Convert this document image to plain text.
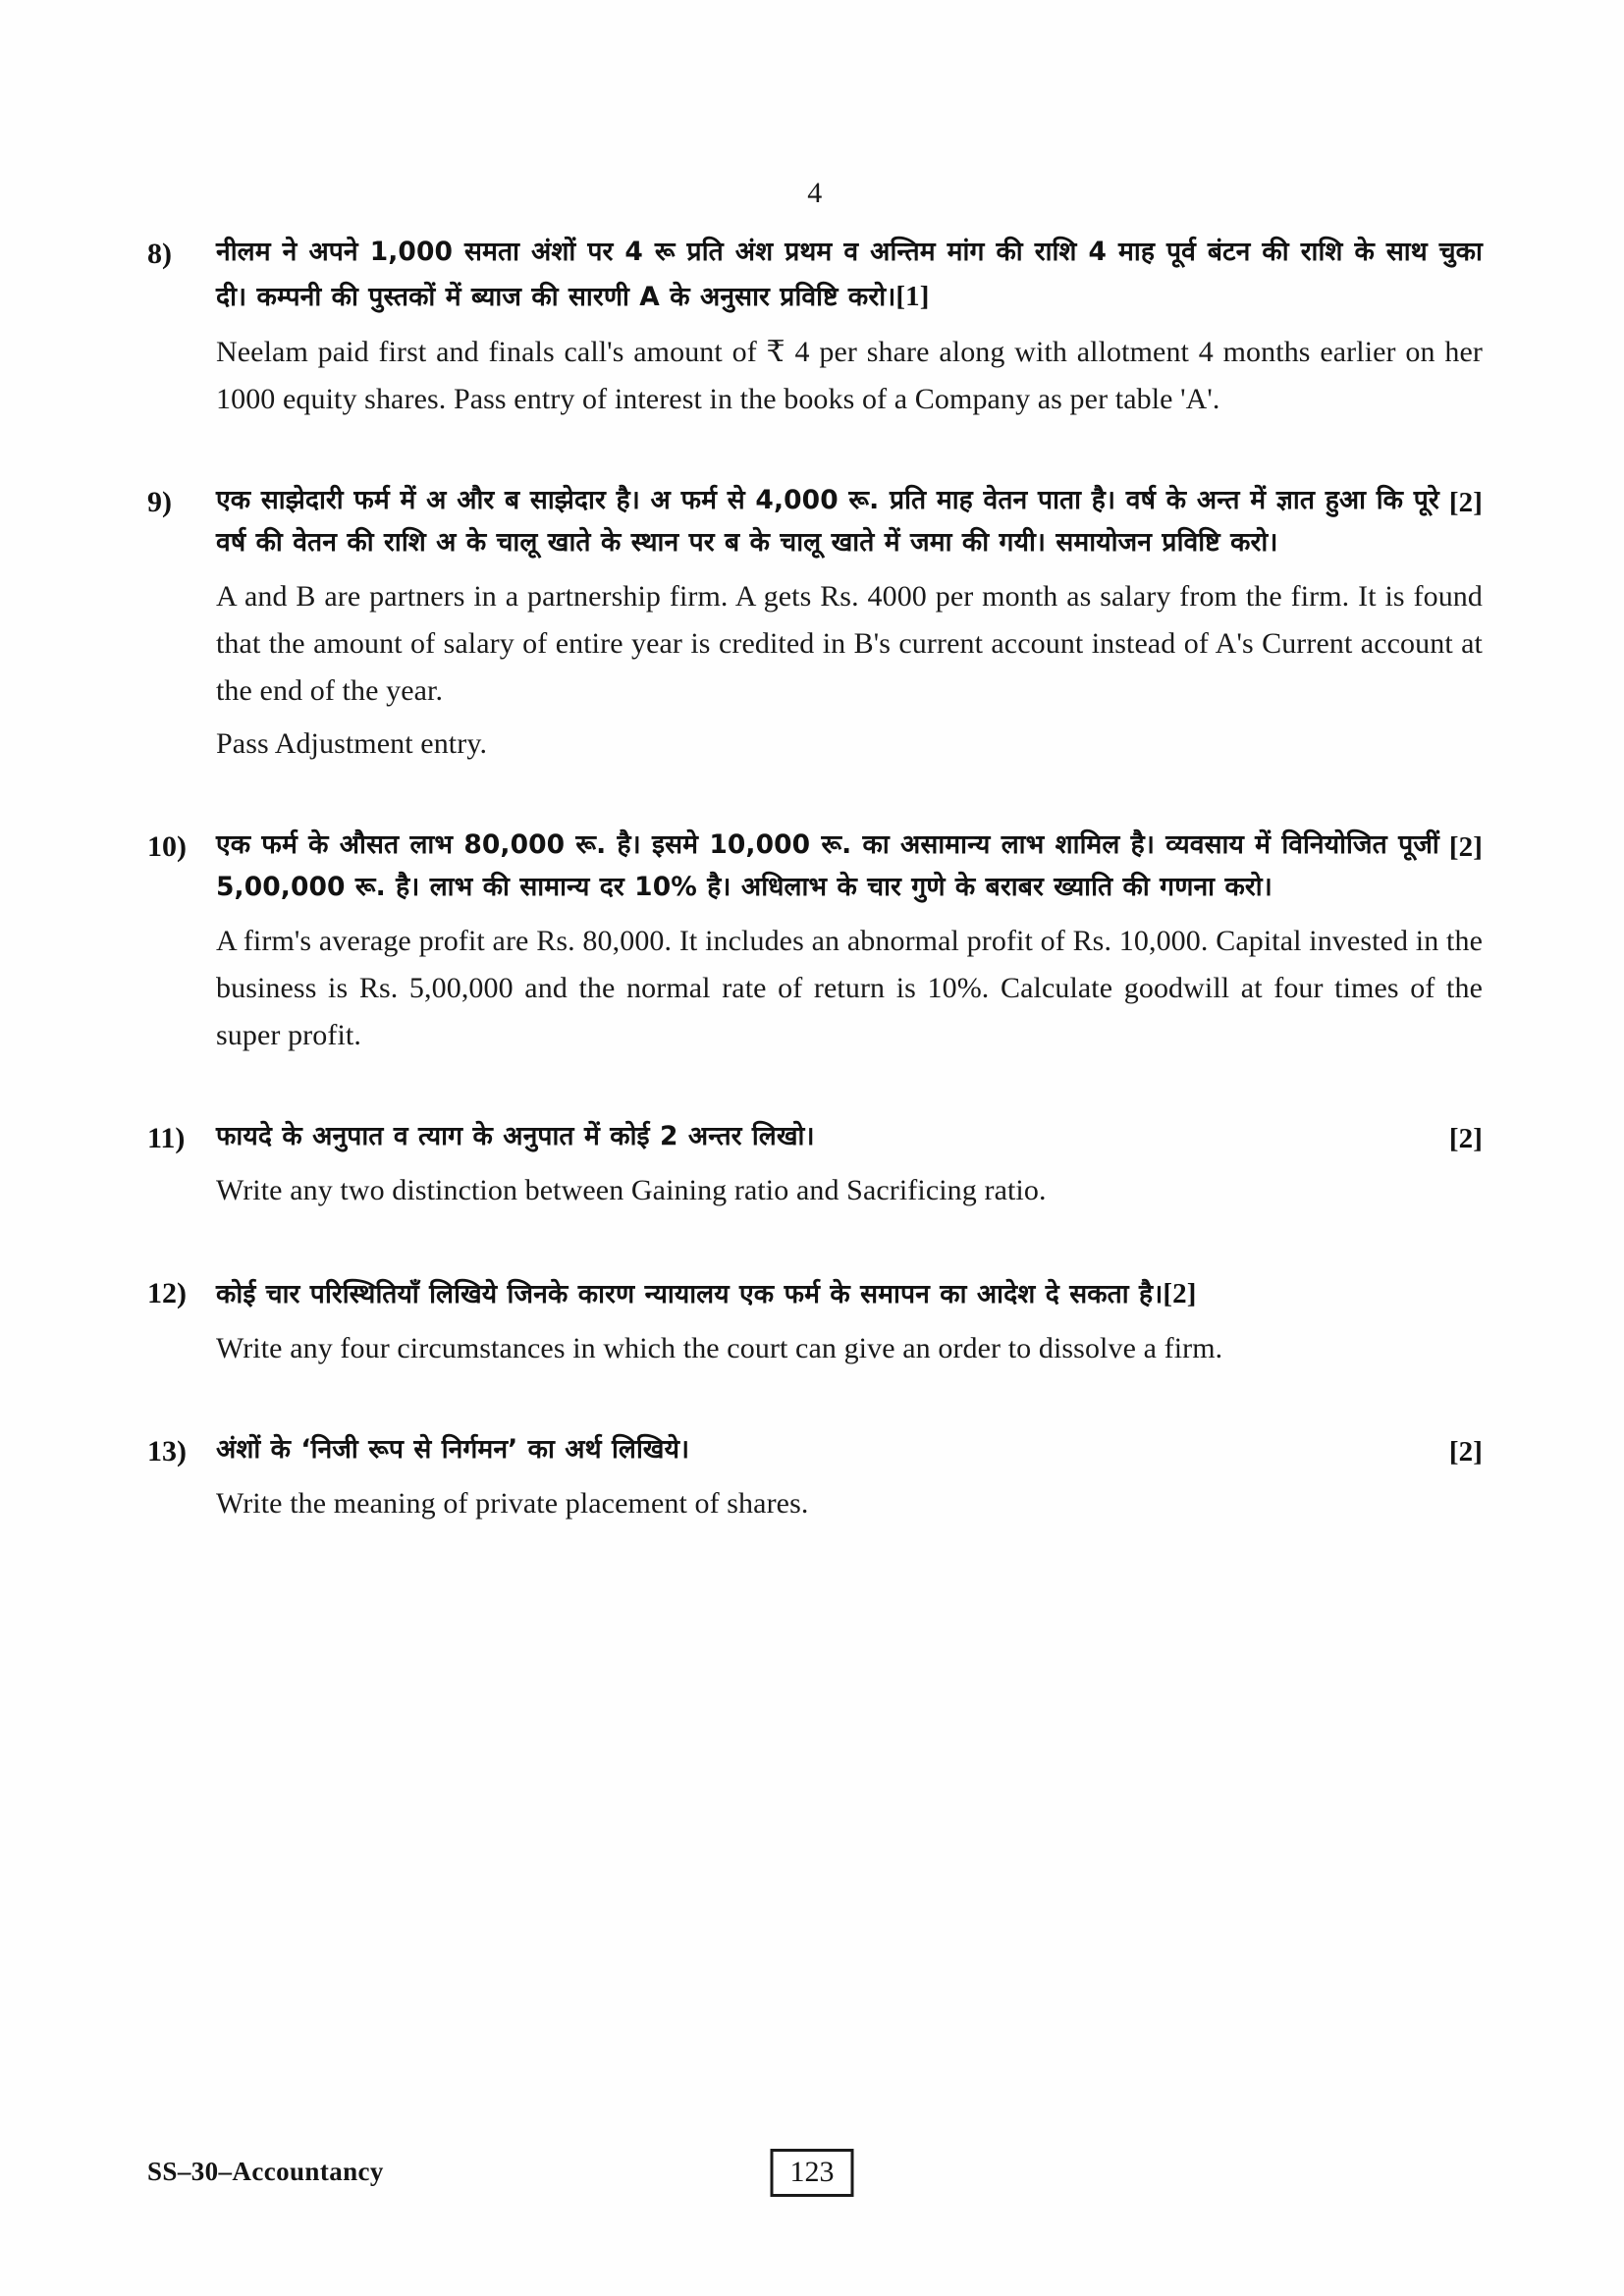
4
8)	नीलम ने अपने 1,000 समता अंशों पर 4 रू प्रति अंश प्रथम व अन्तिम मांग की राशि 4 माह पूर्व बंटन की राशि के साथ चुका दी। कम्पनी की पुस्तकों में ब्याज की सारणी A के अनुसार प्रविष्टि करो।[1]

Neelam paid first and finals call's amount of ₹ 4 per share along with allotment 4 months earlier on her 1000 equity shares. Pass entry of interest in the books of a Company as per table 'A'.

9)	[2]
एक साझेदारी फर्म में अ और ब साझेदार है। अ फर्म से 4,000 रू. प्रति माह वेतन पाता है। वर्ष के अन्त में ज्ञात हुआ कि पूरे वर्ष की वेतन की राशि अ के चालू खाते के स्थान पर ब के चालू खाते में जमा की गयी। समायोजन प्रविष्टि करो।

A and B are partners in a partnership firm. A gets Rs. 4000 per month as salary from the firm. It is found that the amount of salary of entire year is credited in B's current account instead of A's Current account at the end of the year.

Pass Adjustment entry.

10)	[2]
एक फर्म के औसत लाभ 80,000 रू. है। इसमे 10,000 रू. का असामान्य लाभ शामिल है। व्यवसाय में विनियोजित पूजीं 5,00,000 रू. है। लाभ की सामान्य दर 10% है। अधिलाभ के चार गुणे के बराबर ख्याति की गणना करो।

A firm's average profit are Rs. 80,000. It includes an abnormal profit of Rs. 10,000. Capital invested in the business is Rs. 5,00,000 and the normal rate of return is 10%. Calculate goodwill at four times of the super profit.

11)	[2]
फायदे के अनुपात व त्याग के अनुपात में कोई 2 अन्तर लिखो।

Write any two distinction between Gaining ratio and Sacrificing ratio.

12)	कोई चार परिस्थितियाँ लिखिये जिनके कारण न्यायालय एक फर्म के समापन का आदेश दे सकता है।[2]

Write any four circumstances in which the court can give an order to dissolve a firm.

13)	[2]
अंशों के ‘निजी रूप से निर्गमन’ का अर्थ लिखिये।

Write the meaning of private placement of shares.

SS–30–Accountancy	123
